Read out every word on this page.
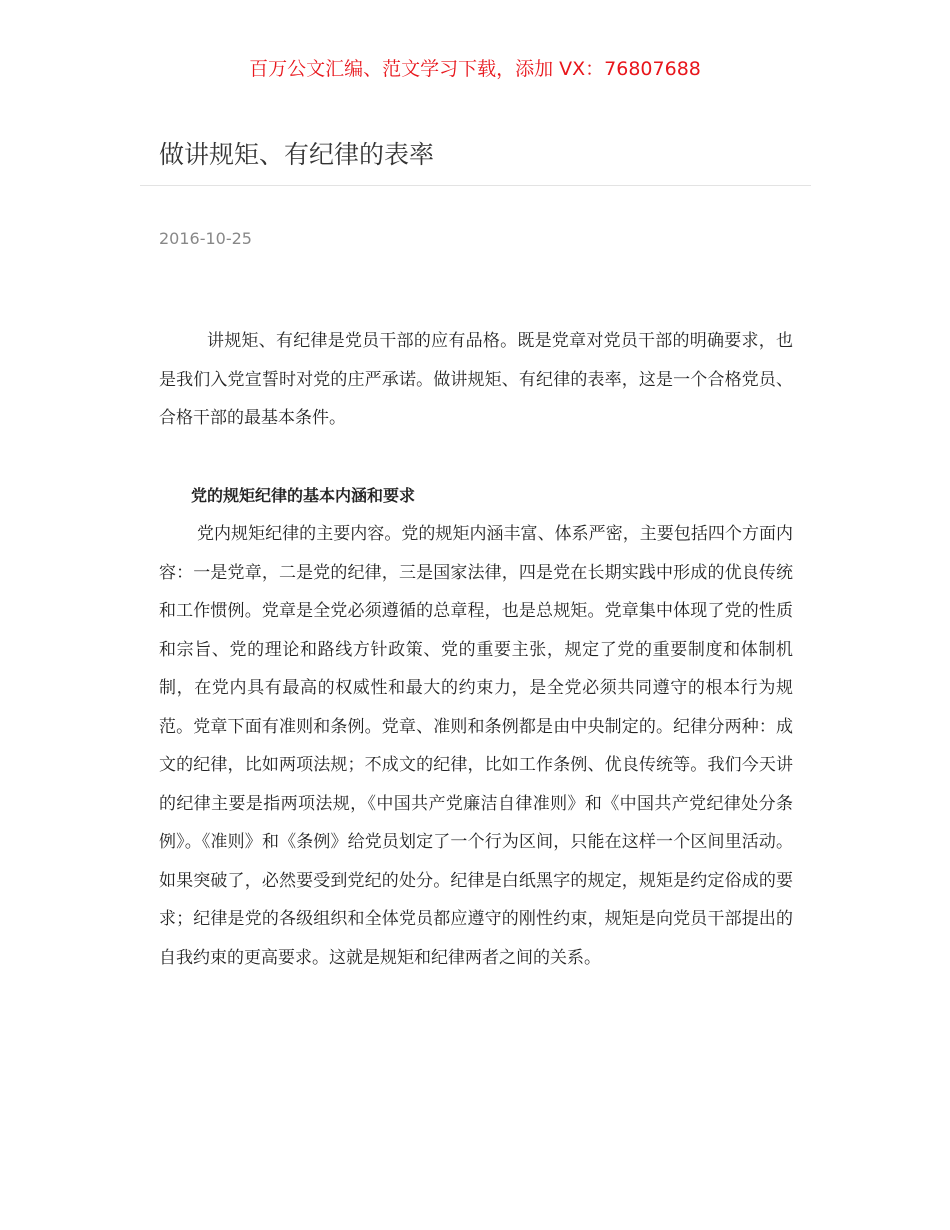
百万公文汇编、范文学习下载，添加 VX：76807688
做讲规矩、有纪律的表率
2016-10-25

讲规矩、有纪律是党员干部的应有品格。既是党章对党员干部的明确要求，也是我们入党宣誓时对党的庄严承诺。做讲规矩、有纪律的表率，这是一个合格党员、合格干部的最基本条件。

党的规矩纪律的基本内涵和要求

党内规矩纪律的主要内容。党的规矩内涵丰富、体系严密，主要包括四个方面内容：一是党章，二是党的纪律，三是国家法律，四是党在长期实践中形成的优良传统和工作惯例。党章是全党必须遵循的总章程，也是总规矩。党章集中体现了党的性质和宗旨、党的理论和路线方针政策、党的重要主张，规定了党的重要制度和体制机制，在党内具有最高的权威性和最大的约束力，是全党必须共同遵守的根本行为规范。党章下面有准则和条例。党章、准则和条例都是由中央制定的。纪律分两种：成文的纪律，比如两项法规；不成文的纪律，比如工作条例、优良传统等。我们今天讲的纪律主要是指两项法规，《中国共产党廉洁自律准则》和《中国共产党纪律处分条例》。《准则》和《条例》给党员划定了一个行为区间，只能在这样一个区间里活动。如果突破了，必然要受到党纪的处分。纪律是白纸黑字的规定，规矩是约定俗成的要求；纪律是党的各级组织和全体党员都应遵守的刚性约束，规矩是向党员干部提出的自我约束的更高要求。这就是规矩和纪律两者之间的关系。
